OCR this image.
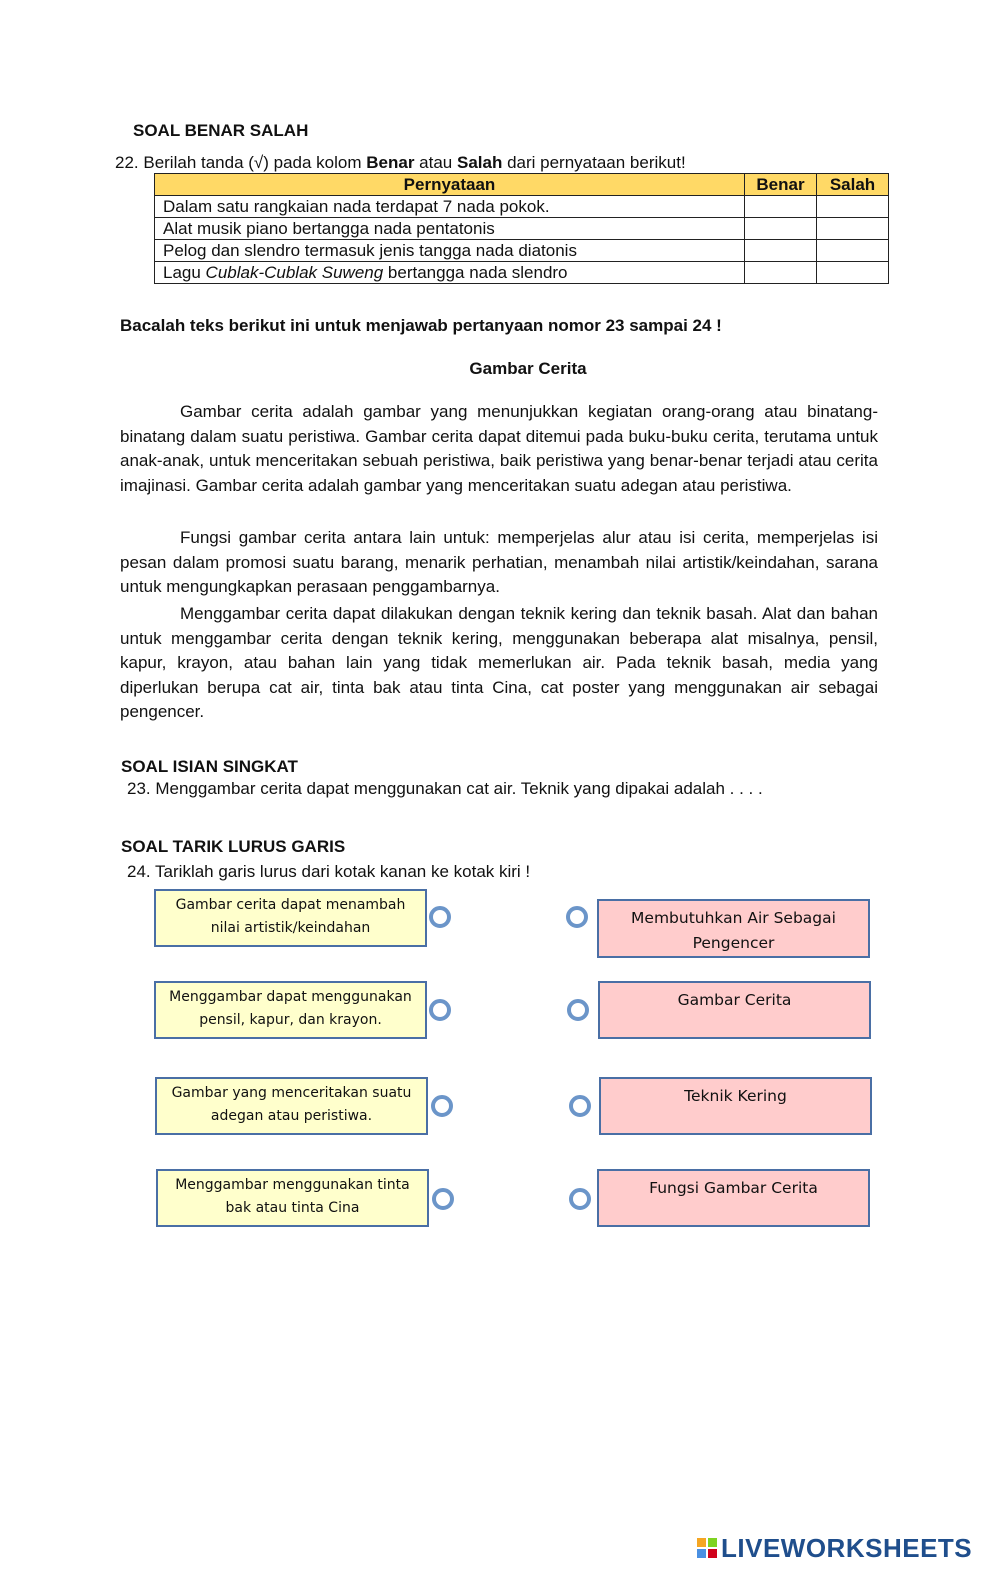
SOAL BENAR SALAH
22. Berilah tanda (√) pada kolom Benar atau Salah dari pernyataan berikut!
Pernyataan	Benar	Salah
Dalam satu rangkaian nada terdapat 7 nada pokok.		
Alat musik piano bertangga nada pentatonis		
Pelog dan slendro termasuk jenis tangga nada diatonis		
Lagu Cublak-Cublak Suweng bertangga nada slendro		
Bacalah teks berikut ini untuk menjawab pertanyaan nomor 23 sampai 24 !
Gambar Cerita

Gambar cerita adalah gambar yang menunjukkan kegiatan orang-orang atau binatang-binatang dalam suatu peristiwa. Gambar cerita dapat ditemui pada buku-buku cerita, terutama untuk anak-anak, untuk menceritakan sebuah peristiwa, baik peristiwa yang benar-benar terjadi atau cerita imajinasi. Gambar cerita adalah gambar yang menceritakan suatu adegan atau peristiwa.

Fungsi gambar cerita antara lain untuk: memperjelas alur atau isi cerita, memperjelas isi pesan dalam promosi suatu barang, menarik perhatian, menambah nilai artistik/keindahan, sarana untuk mengungkapkan perasaan penggambarnya.

Menggambar cerita dapat dilakukan dengan teknik kering dan teknik basah. Alat dan bahan untuk menggambar cerita dengan teknik kering, menggunakan beberapa alat misalnya, pensil, kapur, krayon, atau bahan lain yang tidak memerlukan air. Pada teknik basah, media yang diperlukan berupa cat air, tinta bak atau tinta Cina, cat poster yang menggunakan air sebagai pengencer.

SOAL ISIAN SINGKAT
23. Menggambar cerita dapat menggunakan cat air. Teknik yang dipakai adalah . . . .
SOAL TARIK LURUS GARIS
24. Tariklah garis lurus dari kotak kanan ke kotak kiri !
Gambar cerita dapat menambah
nilai artistik/keindahan
Menggambar dapat menggunakan
pensil, kapur, dan krayon.
Gambar yang menceritakan suatu
adegan atau peristiwa.
Menggambar menggunakan tinta
bak atau tinta Cina
Membutuhkan Air Sebagai
Pengencer
Gambar Cerita
Teknik Kering
Fungsi Gambar Cerita
LIVEWORKSHEETS
